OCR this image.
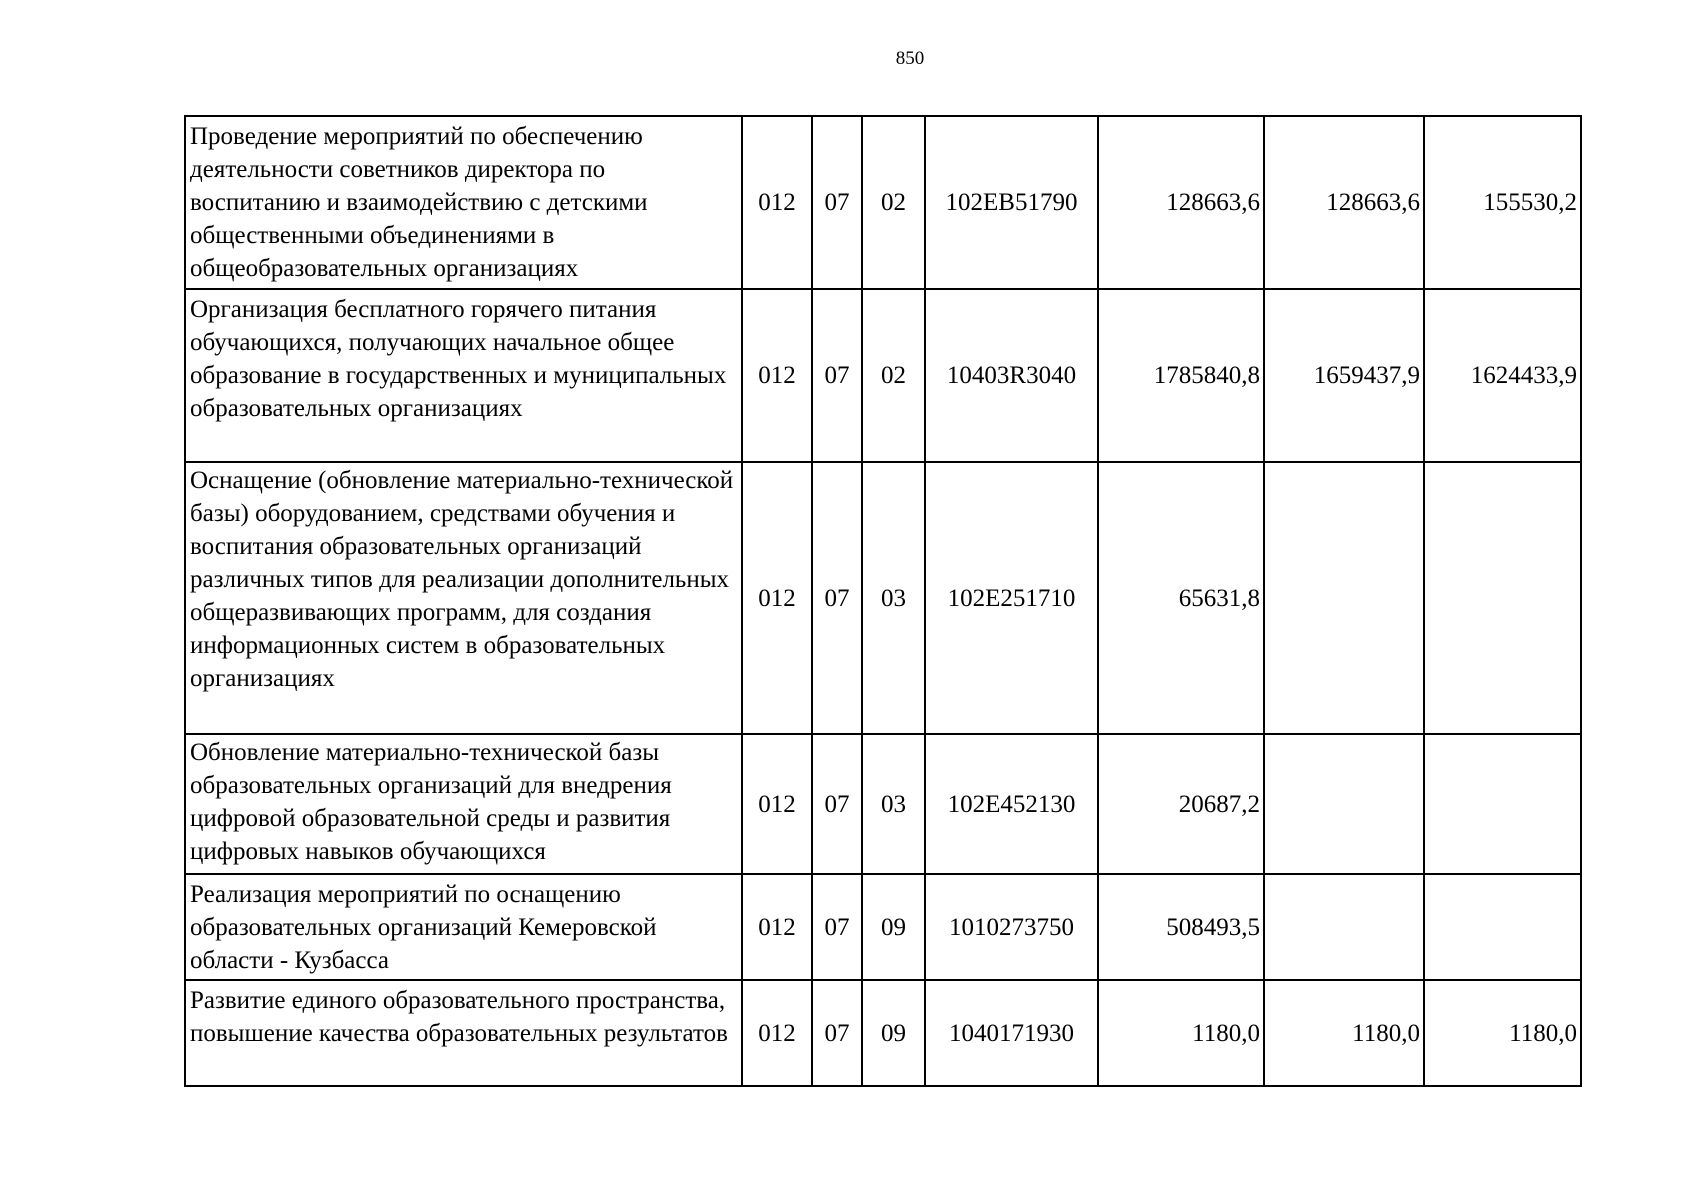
850
Проведение мероприятий по обеспечению деятельности советников директора по воспитанию и взаимодействию с детскими общественными объединениями в общеобразовательных организациях	012	07	02	102EB51790	128663,6	128663,6	155530,2
Организация бесплатного горячего питания обучающихся, получающих начальное общее образование в государственных и муниципальных образовательных организациях	012	07	02	10403R3040	1785840,8	1659437,9	1624433,9
Оснащение (обновление материально-технической базы) оборудованием, средствами обучения и воспитания образовательных организаций различных типов для реализации дополнительных общеразвивающих программ, для создания информационных систем в образовательных организациях	012	07	03	102E251710	65631,8		
Обновление материально-технической базы образовательных организаций для внедрения цифровой образовательной среды и развития цифровых навыков обучающихся	012	07	03	102E452130	20687,2		
Реализация мероприятий по оснащению образовательных организаций Кемеровской области - Кузбасса	012	07	09	1010273750	508493,5		
Развитие единого образовательного пространства, повышение качества образовательных результатов	012	07	09	1040171930	1180,0	1180,0	1180,0
